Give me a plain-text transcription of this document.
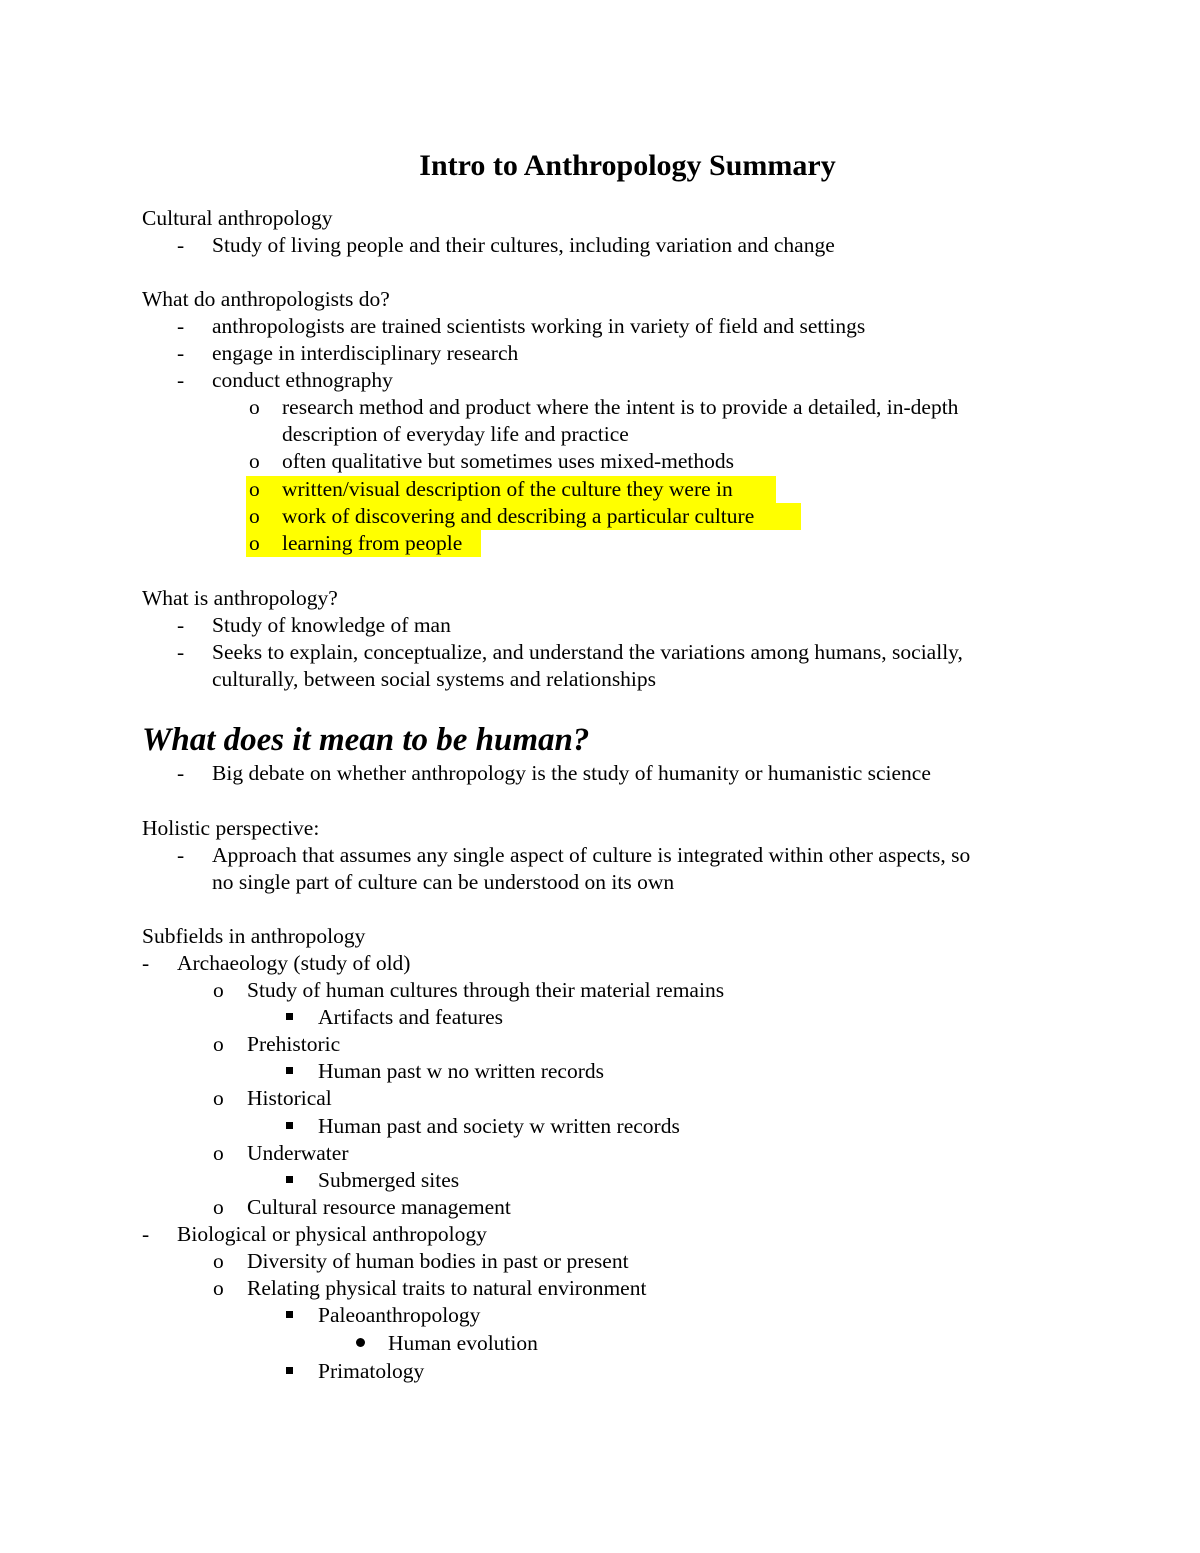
Intro to Anthropology Summary
Cultural anthropology
- Study of living people and their cultures, including variation and change
What do anthropologists do?
- anthropologists are trained scientists working in variety of field and settings
- engage in interdisciplinary research
- conduct ethnography
o research method and product where the intent is to provide a detailed, in-depth
description of everyday life and practice
o often qualitative but sometimes uses mixed-methods
o written/visual description of the culture they were in
o work of discovering and describing a particular culture
o learning from people
What is anthropology?
- Study of knowledge of man
- Seeks to explain, conceptualize, and understand the variations among humans, socially,
culturally, between social systems and relationships
What does it mean to be human?
- Big debate on whether anthropology is the study of humanity or humanistic science
Holistic perspective:
- Approach that assumes any single aspect of culture is integrated within other aspects, so
no single part of culture can be understood on its own
Subfields in anthropology
- Archaeology (study of old)
o Study of human cultures through their material remains
Artifacts and features
o Prehistoric
Human past w no written records
o Historical
Human past and society w written records
o Underwater
Submerged sites
o Cultural resource management
- Biological or physical anthropology
o Diversity of human bodies in past or present
o Relating physical traits to natural environment
Paleoanthropology
Human evolution
Primatology
